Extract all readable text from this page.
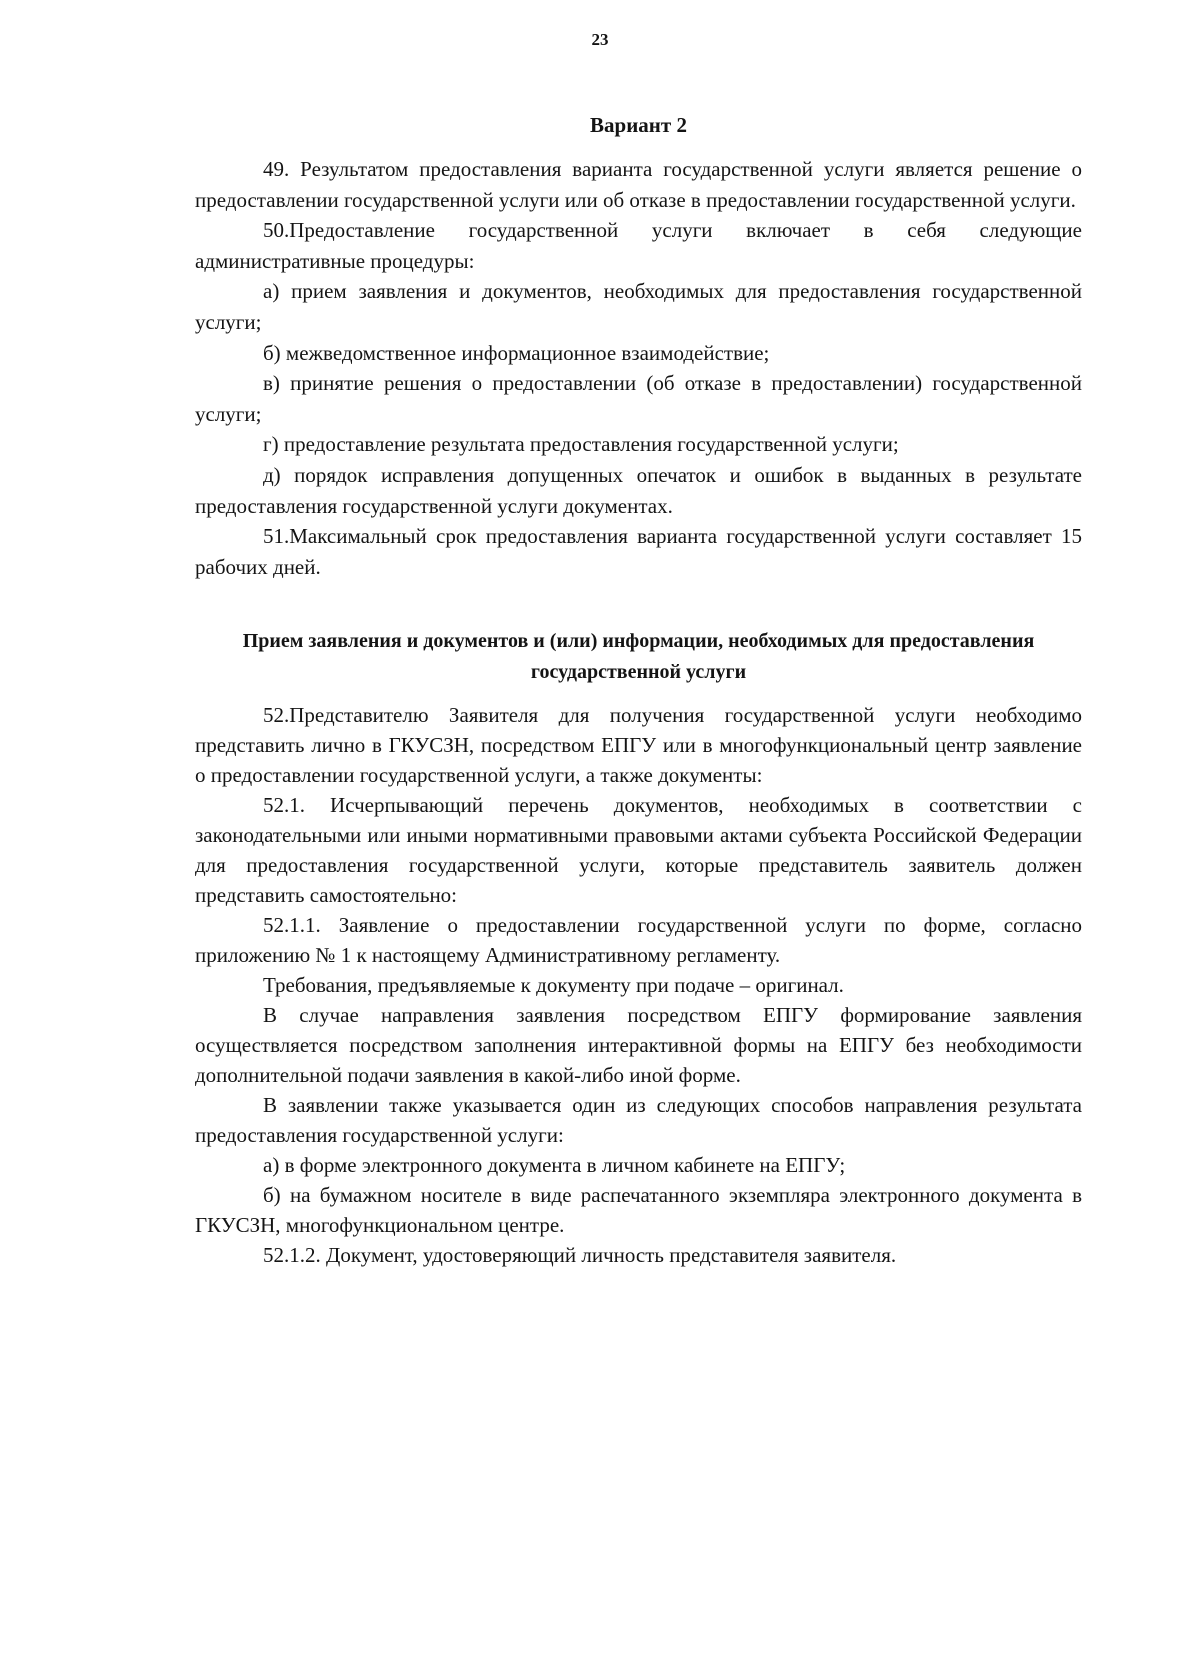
23
Вариант 2

49. Результатом предоставления варианта государственной услуги является решение о предоставлении государственной услуги или об отказе в предоставлении государственной услуги.

50.Предоставление государственной услуги включает в себя следующие административные процедуры:

а) прием заявления и документов, необходимых для предоставления государственной услуги;

б) межведомственное информационное взаимодействие;

в) принятие решения о предоставлении (об отказе в предоставлении) государственной услуги;

г) предоставление результата предоставления государственной услуги;

д) порядок исправления допущенных опечаток и ошибок в выданных в результате предоставления государственной услуги документах.

51.Максимальный срок предоставления варианта государственной услуги составляет 15 рабочих дней.

Прием заявления и документов и (или) информации, необходимых для предоставления государственной услуги

52.Представителю Заявителя для получения государственной услуги необходимо представить лично в ГКУСЗН, посредством ЕПГУ или в многофункциональный центр заявление о предоставлении государственной услуги, а также документы:

52.1. Исчерпывающий перечень документов, необходимых в соответствии с законодательными или иными нормативными правовыми актами субъекта Российской Федерации для предоставления государственной услуги, которые представитель заявитель должен представить самостоятельно:

52.1.1. Заявление о предоставлении государственной услуги по форме, согласно приложению № 1 к настоящему Административному регламенту.

Требования, предъявляемые к документу при подаче – оригинал.

В случае направления заявления посредством ЕПГУ формирование заявления осуществляется посредством заполнения интерактивной формы на ЕПГУ без необходимости дополнительной подачи заявления в какой-либо иной форме.

В заявлении также указывается один из следующих способов направления результата предоставления государственной услуги:

а) в форме электронного документа в личном кабинете на ЕПГУ;

б) на бумажном носителе в виде распечатанного экземпляра электронного документа в ГКУСЗН, многофункциональном центре.

52.1.2. Документ, удостоверяющий личность представителя заявителя.
